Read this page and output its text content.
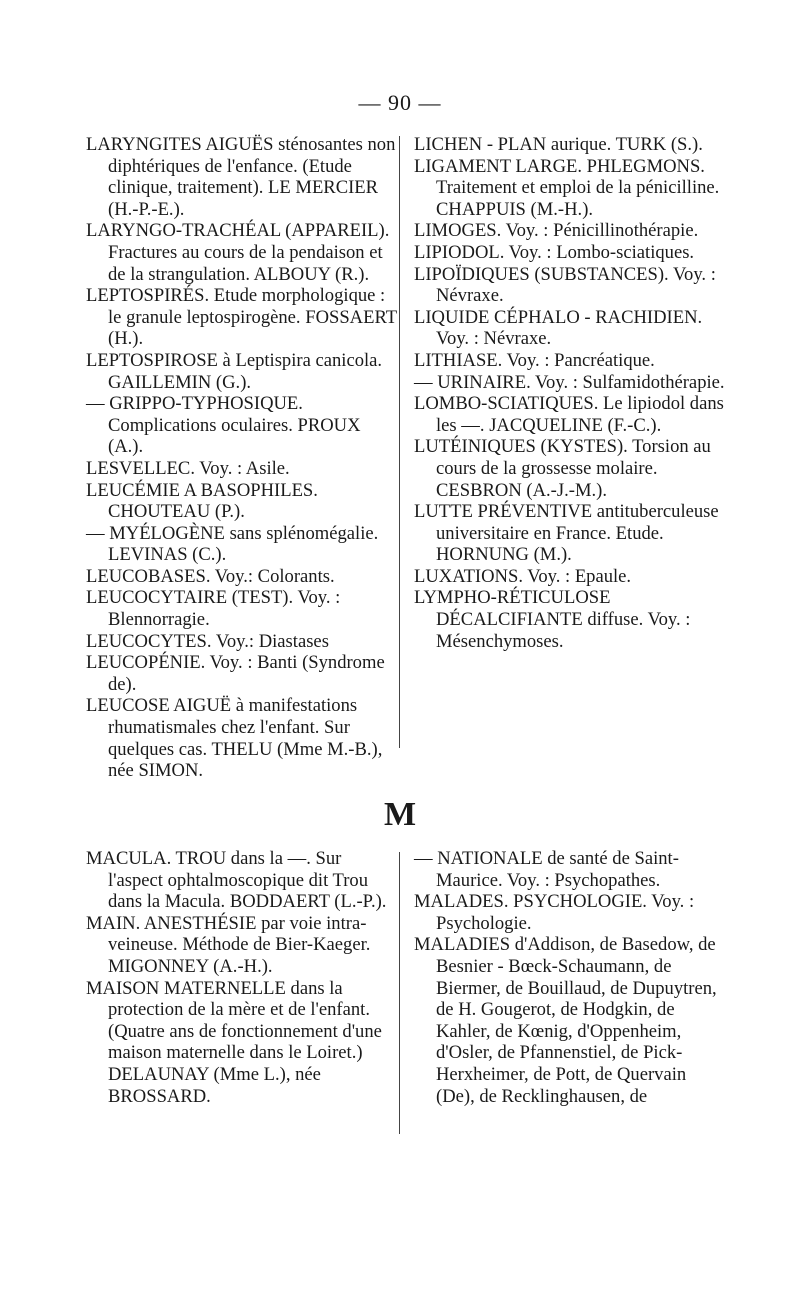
— 90 —

LARYNGITES AIGUËS sténosantes non diphtériques de l'enfance. (Etude clinique, traitement). LE MERCIER (H.-P.-E.).

LARYNGO-TRACHÉAL (APPAREIL). Fractures au cours de la pendaison et de la strangulation. ALBOUY (R.).

LEPTOSPIRÉS. Etude morphologique : le granule leptospirogène. FOSSAERT (H.).

LEPTOSPIROSE à Leptispira canicola. GAILLEMIN (G.).

— GRIPPO-TYPHOSIQUE. Complications oculaires. PROUX (A.).

LESVELLEC. Voy. : Asile.

LEUCÉMIE A BASOPHILES. CHOUTEAU (P.).

— MYÉLOGÈNE sans splénomégalie. LEVINAS (C.).

LEUCOBASES. Voy.: Colorants.

LEUCOCYTAIRE (TEST). Voy. : Blennorragie.

LEUCOCYTES. Voy.: Diastases

LEUCOPÉNIE. Voy. : Banti (Syndrome de).

LEUCOSE AIGUË à manifestations rhumatismales chez l'enfant. Sur quelques cas. THELU (Mme M.-B.), née SIMON.

LICHEN - PLAN aurique. TURK (S.).

LIGAMENT LARGE. PHLEGMONS. Traitement et emploi de la pénicilline. CHAPPUIS (M.-H.).

LIMOGES. Voy. : Pénicillinothérapie.

LIPIODOL. Voy. : Lombo-sciatiques.

LIPOÏDIQUES (SUBSTANCES). Voy. : Névraxe.

LIQUIDE CÉPHALO - RACHIDIEN. Voy. : Névraxe.

LITHIASE. Voy. : Pancréatique.

— URINAIRE. Voy. : Sulfamidothérapie.

LOMBO-SCIATIQUES. Le lipiodol dans les —. JACQUELINE (F.-C.).

LUTÉINIQUES (KYSTES). Torsion au cours de la grossesse molaire. CESBRON (A.-J.-M.).

LUTTE PRÉVENTIVE antituberculeuse universitaire en France. Etude. HORNUNG (M.).

LUXATIONS. Voy. : Epaule.

LYMPHO-RÉTICULOSE DÉCALCIFIANTE diffuse. Voy. : Mésenchymoses.

M

MACULA. TROU dans la —. Sur l'aspect ophtalmoscopique dit Trou dans la Macula. BODDAERT (L.-P.).

MAIN. ANESTHÉSIE par voie intra-veineuse. Méthode de Bier-Kaeger. MIGONNEY (A.-H.).

MAISON MATERNELLE dans la protection de la mère et de l'enfant. (Quatre ans de fonctionnement d'une maison maternelle dans le Loiret.) DELAUNAY (Mme L.), née BROSSARD.

— NATIONALE de santé de Saint-Maurice. Voy. : Psychopathes.

MALADES. PSYCHOLOGIE. Voy. : Psychologie.

MALADIES d'Addison, de Basedow, de Besnier - Bœck-Schaumann, de Biermer, de Bouillaud, de Dupuytren, de H. Gougerot, de Hodgkin, de Kahler, de Kœnig, d'Oppenheim, d'Osler, de Pfannenstiel, de Pick-Herxheimer, de Pott, de Quervain (De), de Recklinghausen, de
